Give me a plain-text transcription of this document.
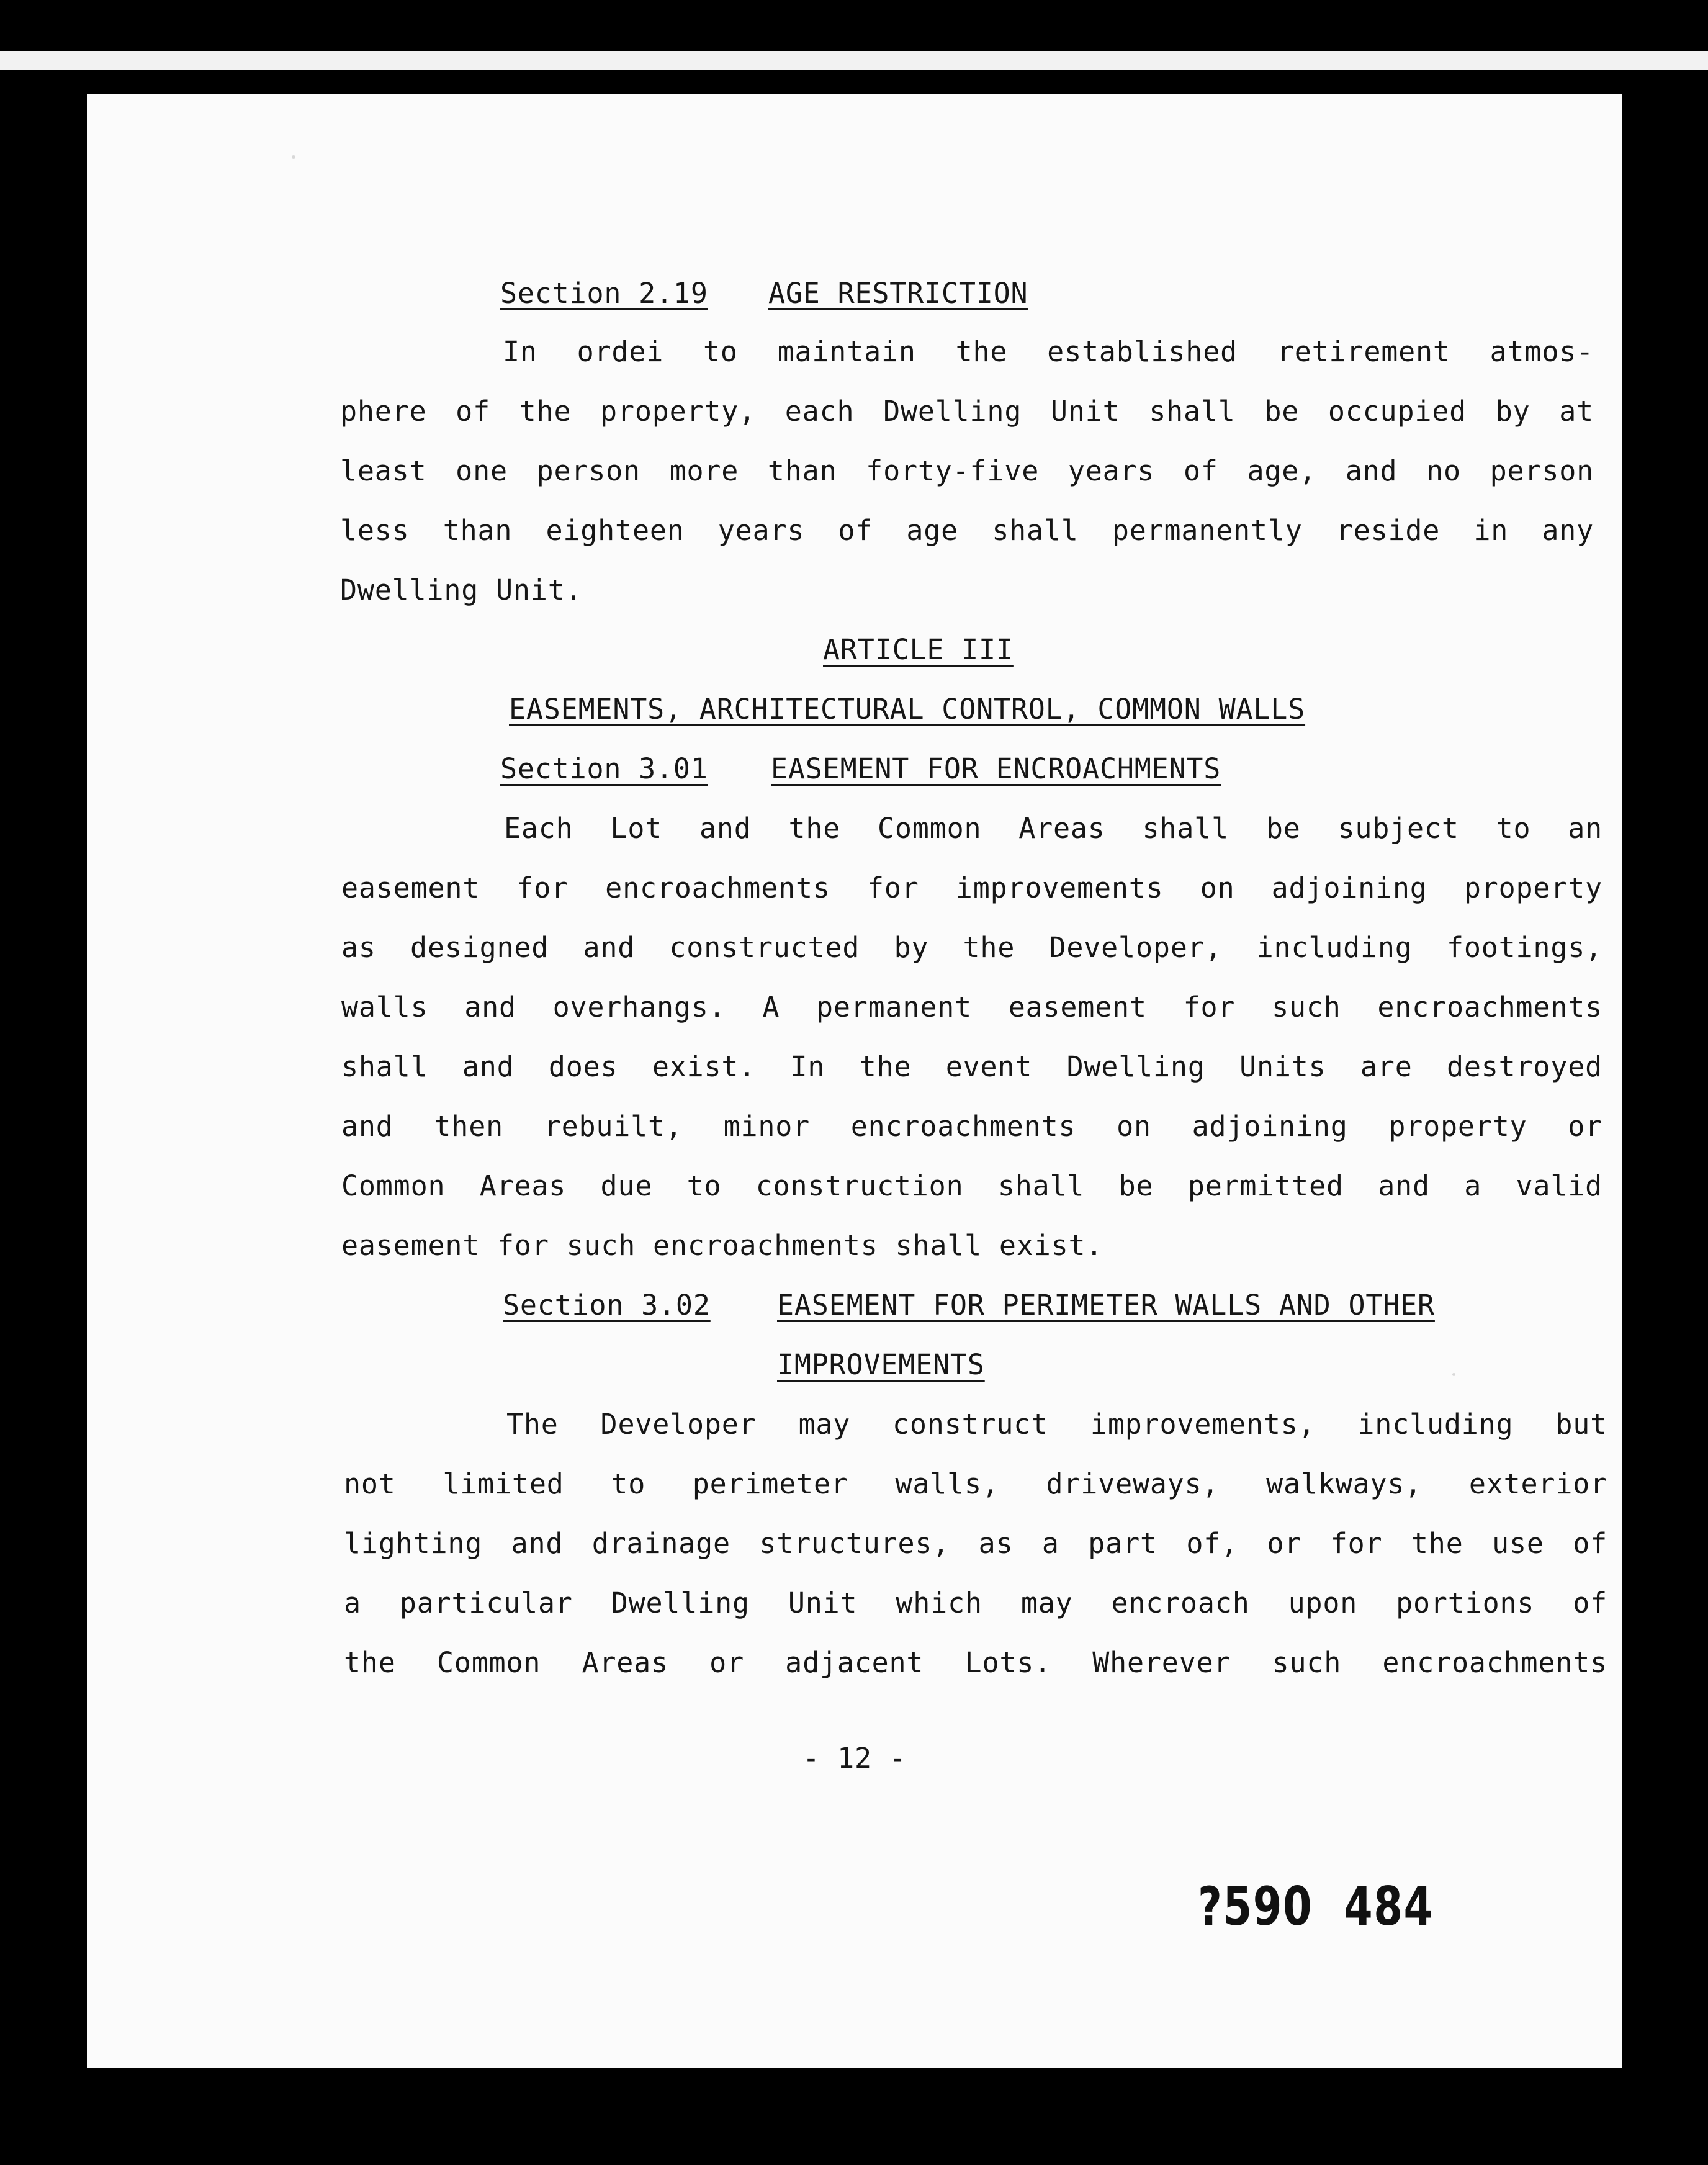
Section 2.19 AGE RESTRICTION
In ordei to maintain the established retirement atmos-
phere of the property, each Dwelling Unit shall be occupied by at
least one person more than forty-five years of age, and no person
less than eighteen years of age shall permanently reside in any
Dwelling Unit.
ARTICLE III
EASEMENTS, ARCHITECTURAL CONTROL, COMMON WALLS
Section 3.01 EASEMENT FOR ENCROACHMENTS
Each Lot and the Common Areas shall be subject to an
easement for encroachments for improvements on adjoining property
as designed and constructed by the Developer, including footings,
walls and overhangs. A permanent easement for such encroachments
shall and does exist. In the event Dwelling Units are destroyed
and then rebuilt, minor encroachments on adjoining property or
Common Areas due to construction shall be permitted and a valid
easement for such encroachments shall exist.
Section 3.02 EASEMENT FOR PERIMETER WALLS AND OTHER
IMPROVEMENTS
The Developer may construct improvements, including but
not limited to perimeter walls, driveways, walkways, exterior
lighting and drainage structures, as a part of, or for the use of
a particular Dwelling Unit which may encroach upon portions of
the Common Areas or adjacent Lots. Wherever such encroachments
- 12 -
?590  484
